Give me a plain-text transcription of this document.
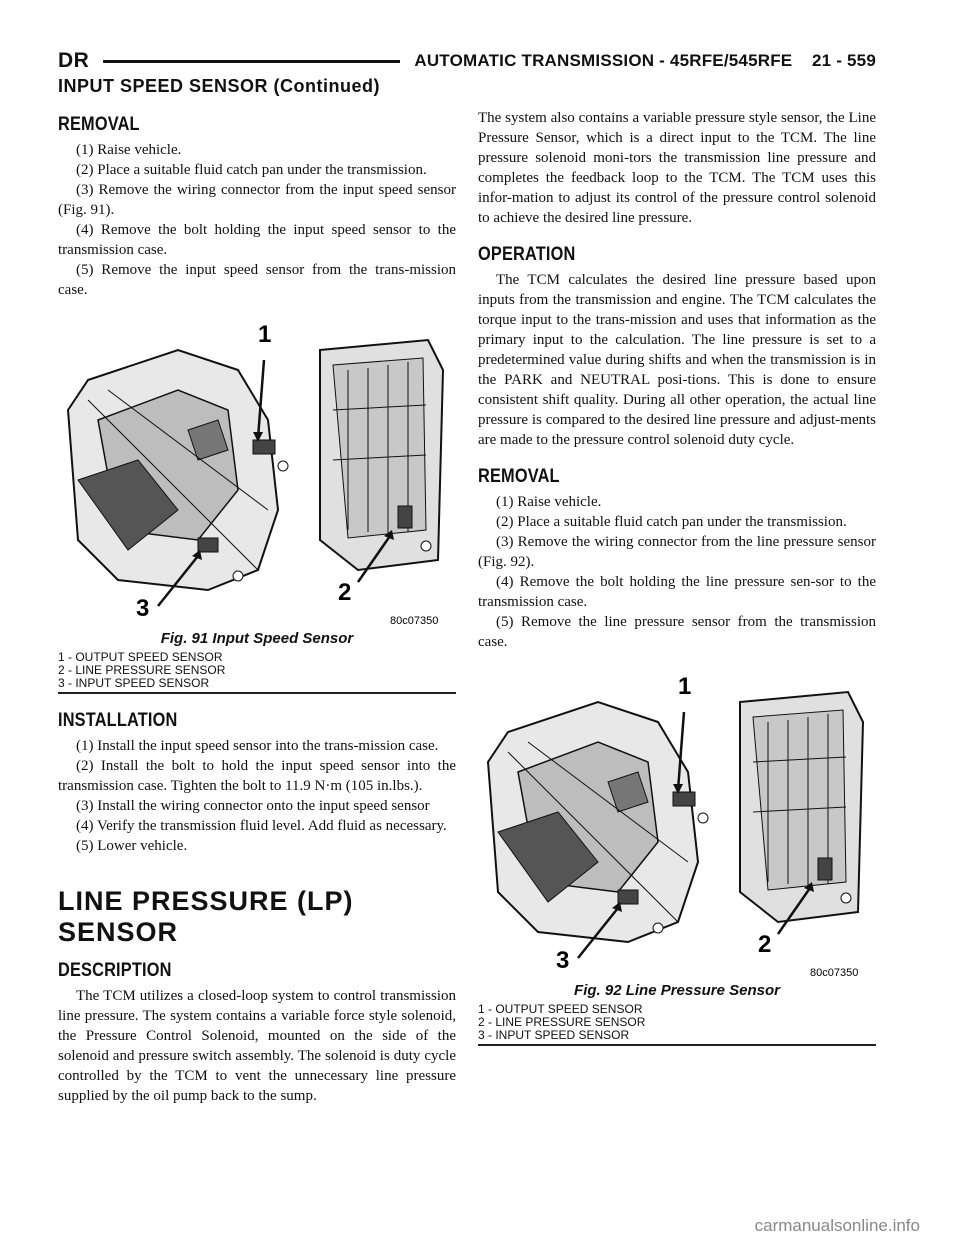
DR	AUTOMATIC TRANSMISSION - 45RFE/545RFE    21 - 559
INPUT SPEED SENSOR (Continued)
REMOVAL

(1) Raise vehicle.

(2) Place a suitable fluid catch pan under the transmission.

(3) Remove the wiring connector from the input speed sensor (Fig. 91).

(4) Remove the bolt holding the input speed sensor to the transmission case.

(5) Remove the input speed sensor from the trans-mission case.

1
2
3	80c07350
Fig. 91 Input Speed Sensor
1 - OUTPUT SPEED SENSOR
2 - LINE PRESSURE SENSOR
3 - INPUT SPEED SENSOR
INSTALLATION

(1) Install the input speed sensor into the trans-mission case.

(2) Install the bolt to hold the input speed sensor into the transmission case. Tighten the bolt to 11.9 N·m (105 in.lbs.).

(3) Install the wiring connector onto the input speed sensor

(4) Verify the transmission fluid level. Add fluid as necessary.

(5) Lower vehicle.

LINE PRESSURE (LP) SENSOR
DESCRIPTION

The TCM utilizes a closed-loop system to control transmission line pressure. The system contains a variable force style solenoid, the Pressure Control Solenoid, mounted on the side of the solenoid and pressure switch assembly. The solenoid is duty cycle controlled by the TCM to vent the unnecessary line pressure supplied by the oil pump back to the sump.

The system also contains a variable pressure style sensor, the Line Pressure Sensor, which is a direct input to the TCM. The line pressure solenoid moni-tors the transmission line pressure and completes the feedback loop to the TCM. The TCM uses this infor-mation to adjust its control of the pressure control solenoid to achieve the desired line pressure.

OPERATION

The TCM calculates the desired line pressure based upon inputs from the transmission and engine. The TCM calculates the torque input to the trans-mission and uses that information as the primary input to the calculation. The line pressure is set to a predetermined value during shifts and when the transmission is in the PARK and NEUTRAL posi-tions. This is done to ensure consistent shift quality. During all other operation, the actual line pressure is compared to the desired line pressure and adjust-ments are made to the pressure control solenoid duty cycle.

REMOVAL

(1) Raise vehicle.

(2) Place a suitable fluid catch pan under the transmission.

(3) Remove the wiring connector from the line pressure sensor (Fig. 92).

(4) Remove the bolt holding the line pressure sen-sor to the transmission case.

(5) Remove the line pressure sensor from the transmission case.

1
2
3	80c07350
Fig. 92 Line Pressure Sensor
1 - OUTPUT SPEED SENSOR
2 - LINE PRESSURE SENSOR
3 - INPUT SPEED SENSOR
carmanualsonline.info
